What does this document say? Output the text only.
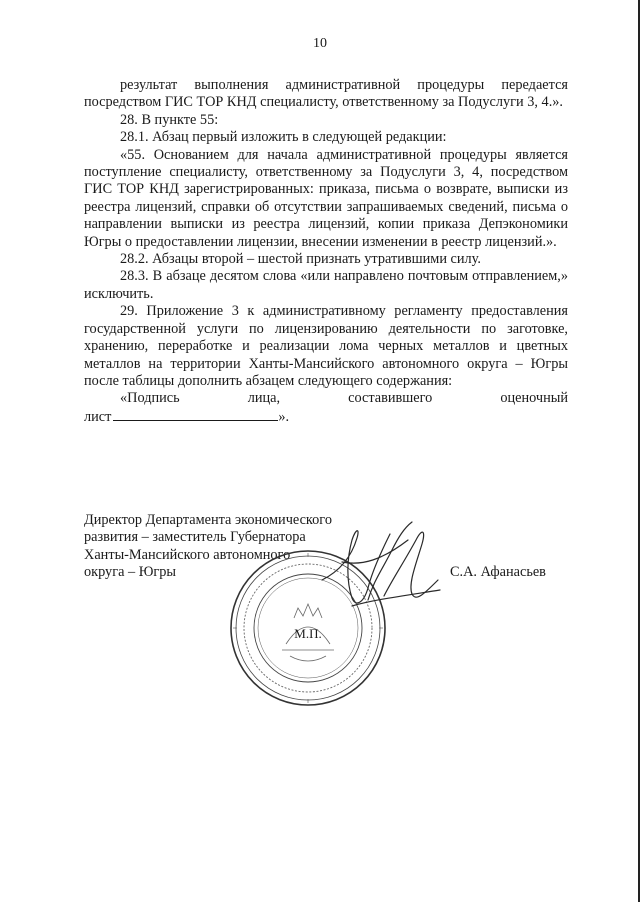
10

результат выполнения административной процедуры передается посредством ГИС ТОР КНД специалисту, ответственному за Подуслуги 3, 4.».

28. В пункте 55:

28.1. Абзац первый изложить в следующей редакции:

«55. Основанием для начала административной процедуры является поступление специалисту, ответственному за Подуслуги 3, 4, посредством ГИС ТОР КНД зарегистрированных: приказа, письма о возврате, выписки из реестра лицензий, справки об отсутствии запрашиваемых сведений, письма о направлении выписки из реестра лицензий, копии приказа Депэкономики Югры о предоставлении лицензии, внесении изменении в реестр лицензий.».

28.2. Абзацы второй – шестой признать утратившими силу.

28.3. В абзаце десятом слова «или направлено почтовым отправлением,» исключить.

29. Приложение 3 к административному регламенту предоставления государственной услуги по лицензированию деятельности по заготовке, хранению, переработке и реализации лома черных металлов и цветных металлов на территории Ханты-Мансийского автономного округа – Югры после таблицы дополнить абзацем следующего содержания:

«Подпись лица, составившего оценочный

лист	».

Директор Департамента экономического
развития – заместитель Губернатора
Ханты-Мансийского автономного
округа – Югры
М.П.
С.А. Афанасьев
